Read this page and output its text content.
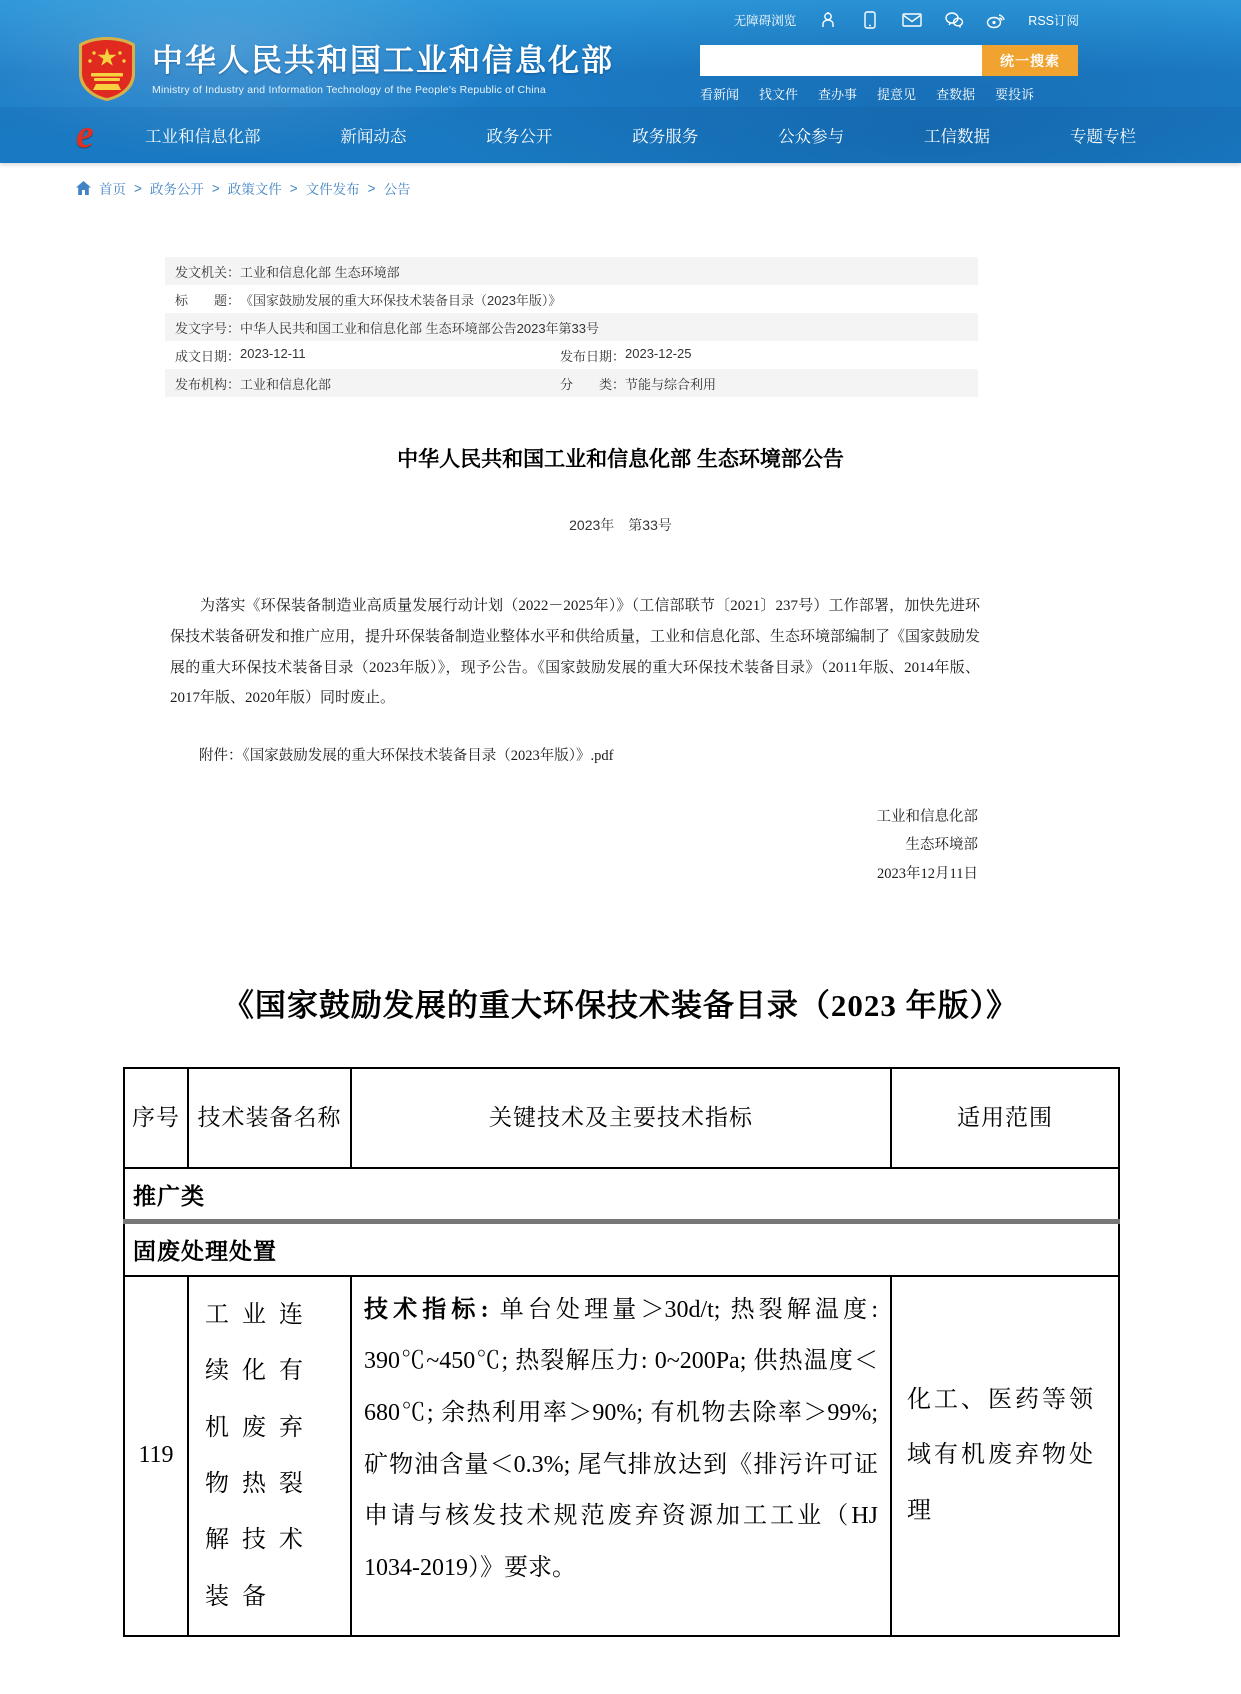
无障碍浏览	RSS订阅
中华人民共和国工业和信息化部
Ministry of Industry and Information Technology of the People's Republic of China
统一搜索
看新闻 找文件 查办事 提意见 查数据 要投诉
e	工业和信息化部	新闻动态	政务公开	政务服务	公众参与	工信数据	专题专栏
首页 > 政务公开 > 政策文件 > 文件发布 > 公告
发文机关： 工业和信息化部 生态环境部
标　　题： 《国家鼓励发展的重大环保技术装备目录（2023年版）》
发文字号： 中华人民共和国工业和信息化部 生态环境部公告2023年第33号
成文日期： 2023-12-11	发布日期： 2023-12-25
发布机构： 工业和信息化部	分　　类： 节能与综合利用
中华人民共和国工业和信息化部 生态环境部公告
2023年　第33号
为落实《环保装备制造业高质量发展行动计划（2022－2025年）》（工信部联节〔2021〕237号）工作部署，加快先进环保技术装备研发和推广应用，提升环保装备制造业整体水平和供给质量，工业和信息化部、生态环境部编制了《国家鼓励发展的重大环保技术装备目录（2023年版）》，现予公告。《国家鼓励发展的重大环保技术装备目录》（2011年版、2014年版、2017年版、2020年版）同时废止。
附件：《国家鼓励发展的重大环保技术装备目录（2023年版）》.pdf
工业和信息化部
生态环境部
2023年12月11日
《国家鼓励发展的重大环保技术装备目录（2023 年版）》
序号	技术装备名称	关键技术及主要技术指标	适用范围
推广类			
固废处理处置			
119	工业连续化有机废弃物热裂解技术装备	技术指标: 单台处理量＞30d/t; 热裂解温度: 390℃~450℃; 热裂解压力: 0~200Pa; 供热温度＜680℃; 余热利用率＞90%; 有机物去除率＞99%; 矿物油含量＜0.3%; 尾气排放达到《排污许可证申请与核发技术规范废弃资源加工工业（HJ 1034-2019）》要求。	化工、医药等领域有机废弃物处理
